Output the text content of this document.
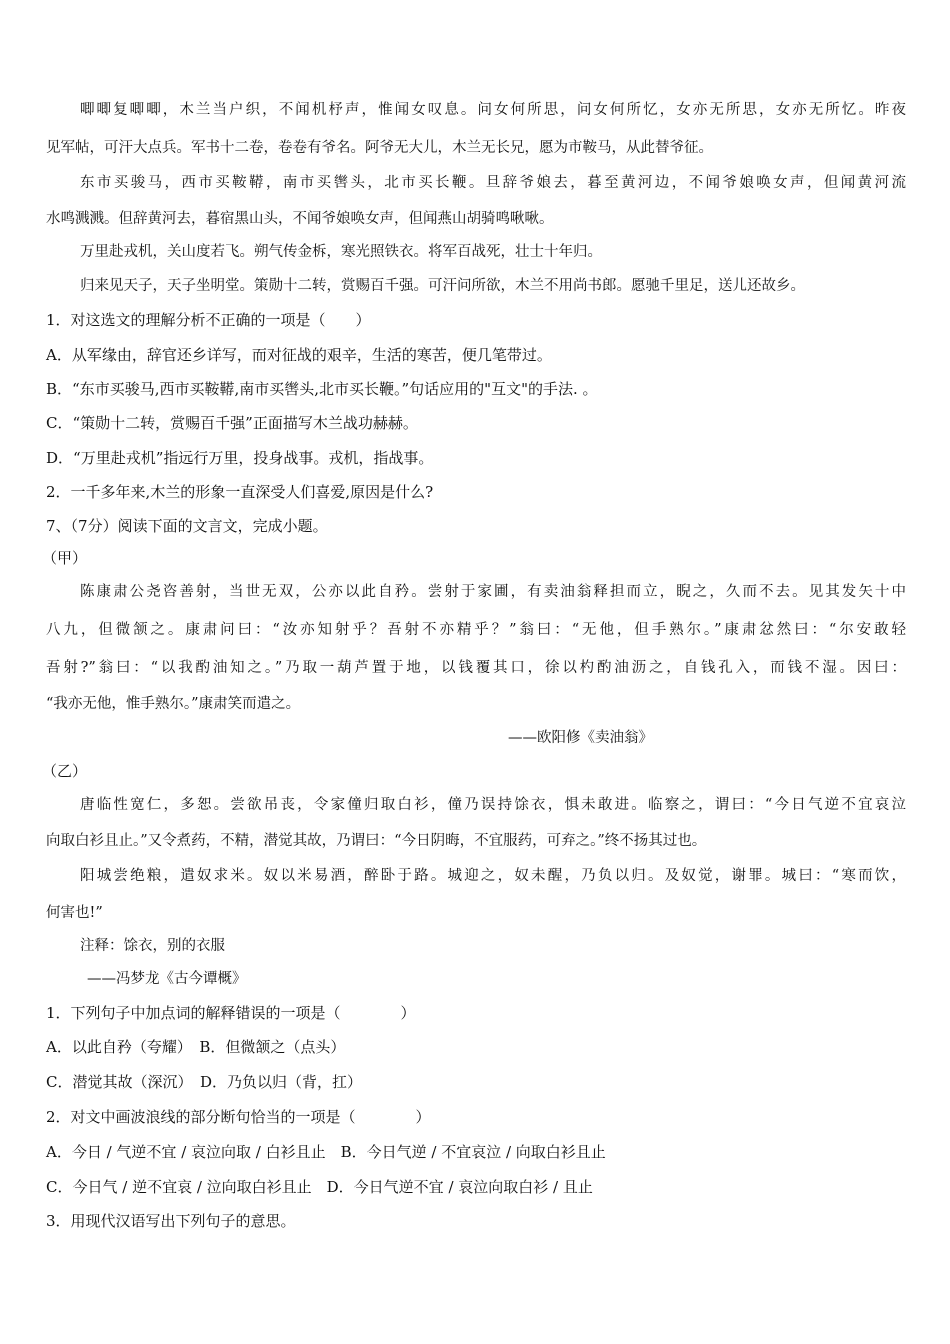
唧唧复唧唧，木兰当户织，不闻机杼声，惟闻女叹息。问女何所思，问女何所忆，女亦无所思，女亦无所忆。昨夜
见军帖，可汗大点兵。军书十二卷，卷卷有爷名。阿爷无大儿，木兰无长兄，愿为市鞍马，从此替爷征。
东市买骏马，西市买鞍鞯，南市买辔头，北市买长鞭。旦辞爷娘去，暮至黄河边，不闻爷娘唤女声，但闻黄河流
水鸣溅溅。但辞黄河去，暮宿黑山头，不闻爷娘唤女声，但闻燕山胡骑鸣啾啾。
万里赴戎机，关山度若飞。朔气传金柝，寒光照铁衣。将军百战死，壮士十年归。
归来见天子，天子坐明堂。策勋十二转，赏赐百千强。可汗问所欲，木兰不用尚书郎。愿驰千里足，送儿还故乡。
1．对这选文的理解分析不正确的一项是（　　）
A．从军缘由，辞官还乡详写，而对征战的艰辛，生活的寒苦，便几笔带过。
B．“东市买骏马,西市买鞍鞯,南市买辔头,北市买长鞭。”句话应用的"互文"的手法. 。
C．“策勋十二转，赏赐百千强”正面描写木兰战功赫赫。
D．“万里赴戎机”指远行万里，投身战事。戎机，指战事。
2．一千多年来,木兰的形象一直深受人们喜爱,原因是什么?
7、（7分）阅读下面的文言文，完成小题。
（甲）
陈康肃公尧咨善射，当世无双，公亦以此自矜。尝射于家圃，有卖油翁释担而立，睨之，久而不去。见其发矢十中
八九，但微颔之。康肃问曰：“汝亦知射乎？吾射不亦精乎？”翁曰：“无他，但手熟尔。”康肃忿然曰：“尔安敢轻
吾射?”翁曰：“以我酌油知之。”乃取一葫芦置于地，以钱覆其口，徐以杓酌油沥之，自钱孔入，而钱不湿。因曰：
“我亦无他，惟手熟尔。”康肃笑而遣之。
——欧阳修《卖油翁》
（乙）
唐临性宽仁，多恕。尝欲吊丧，令家僮归取白衫，僮乃误持馀衣，惧未敢进。临察之，谓曰：“今日气逆不宜哀泣
向取白衫且止。”又令煮药，不精，潜觉其故，乃谓曰：“今日阴晦，不宜服药，可弃之。”终不扬其过也。
阳城尝绝粮，遣奴求米。奴以米易酒，醉卧于路。城迎之，奴未醒，乃负以归。及奴觉，谢罪。城曰：“寒而饮，
何害也!”
注释：馀衣，别的衣服
——冯梦龙《古今谭概》
1．下列句子中加点词的解释错误的一项是（　　　　）
A．以此自矜（夸耀）　B．但微颔之（点头）
C．潜觉其故（深沉）　D．乃负以归（背，扛）
2．对文中画波浪线的部分断句恰当的一项是（　　　　）
A．今日 / 气逆不宜 / 哀泣向取 / 白衫且止　B．今日气逆 / 不宜哀泣 / 向取白衫且止
C．今日气 / 逆不宜哀 / 泣向取白衫且止　D．今日气逆不宜 / 哀泣向取白衫 / 且止
3．用现代汉语写出下列句子的意思。
